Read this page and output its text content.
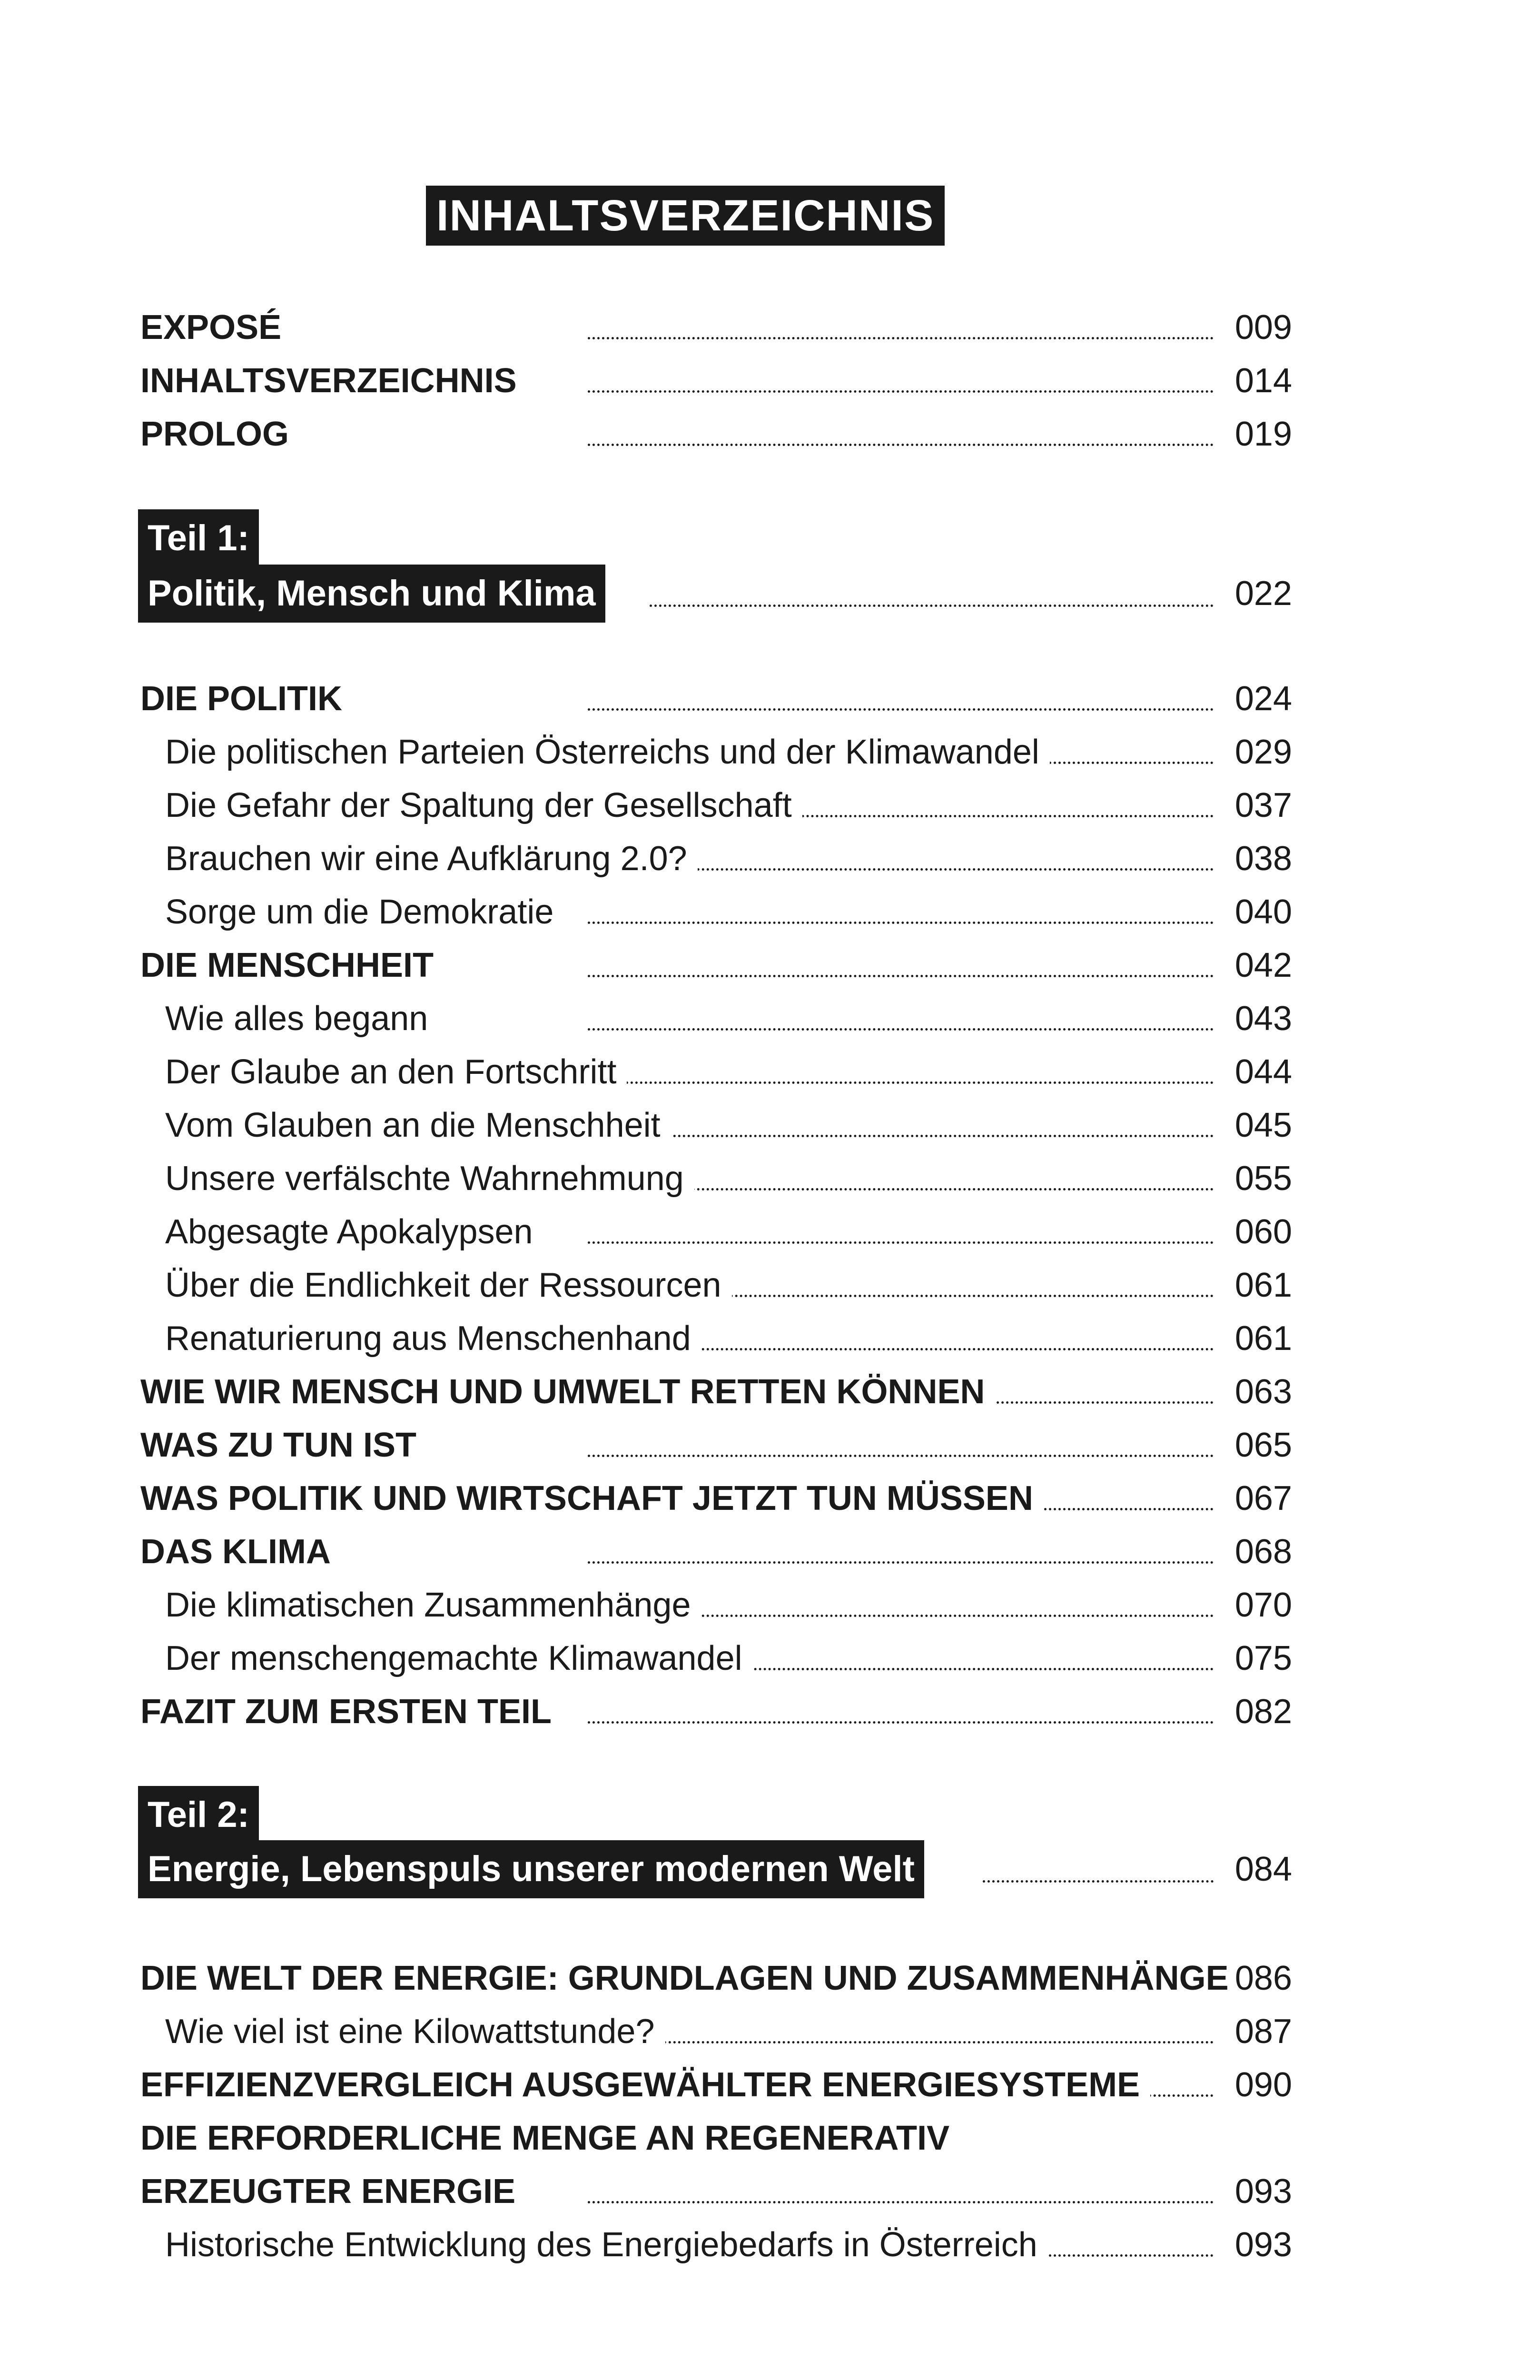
INHALTSVERZEICHNIS
EXPOSÉ	009
INHALTSVERZEICHNIS	014
PROLOG	019
Teil 1:
Politik, Mensch und Klima	022
DIE POLITIK	024
Die politischen Parteien Österreichs und der Klimawandel	029
Die Gefahr der Spaltung der Gesellschaft	037
Brauchen wir eine Aufklärung 2.0?	038
Sorge um die Demokratie	040
DIE MENSCHHEIT	042
Wie alles begann	043
Der Glaube an den Fortschritt	044
Vom Glauben an die Menschheit	045
Unsere verfälschte Wahrnehmung	055
Abgesagte Apokalypsen	060
Über die Endlichkeit der Ressourcen	061
Renaturierung aus Menschenhand	061
WIE WIR MENSCH UND UMWELT RETTEN KÖNNEN	063
WAS ZU TUN IST	065
WAS POLITIK UND WIRTSCHAFT JETZT TUN MÜSSEN	067
DAS KLIMA	068
Die klimatischen Zusammenhänge	070
Der menschengemachte Klimawandel	075
FAZIT ZUM ERSTEN TEIL	082
Teil 2:
Energie, Lebenspuls unserer modernen Welt	084
DIE WELT DER ENERGIE: GRUNDLAGEN UND ZUSAMMENHÄNGE 086
Wie viel ist eine Kilowattstunde?	087
EFFIZIENZVERGLEICH AUSGEWÄHLTER ENERGIESYSTEME	090
DIE ERFORDERLICHE MENGE AN REGENERATIV
ERZEUGTER ENERGIE	093
Historische Entwicklung des Energiebedarfs in Österreich	093
